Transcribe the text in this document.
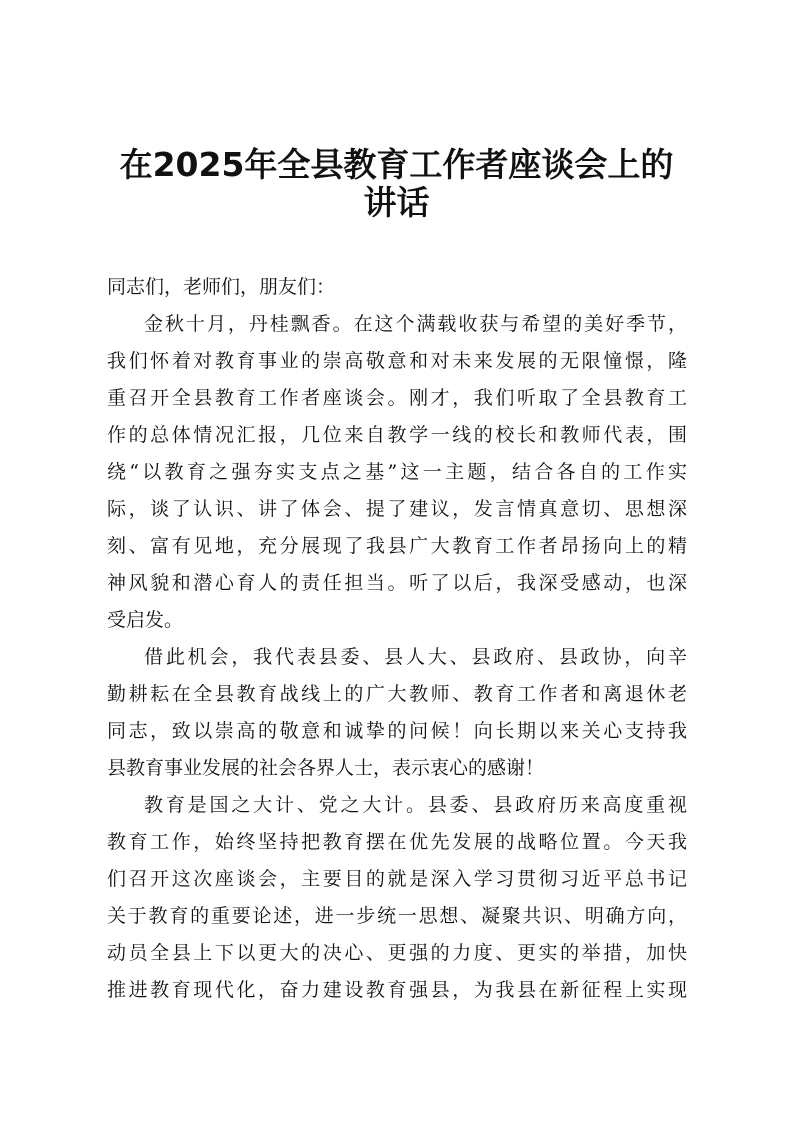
在2025年全县教育工作者座谈会上的
讲话
同志们，老师们，朋友们：
金秋十月，丹桂飘香。在这个满载收获与希望的美好季节，
我们怀着对教育事业的崇高敬意和对未来发展的无限憧憬，隆
重召开全县教育工作者座谈会。刚才，我们听取了全县教育工
作的总体情况汇报，几位来自教学一线的校长和教师代表，围
绕“以教育之强夯实支点之基”这一主题，结合各自的工作实
际，谈了认识、讲了体会、提了建议，发言情真意切、思想深
刻、富有见地，充分展现了我县广大教育工作者昂扬向上的精
神风貌和潜心育人的责任担当。听了以后，我深受感动，也深
受启发。
借此机会，我代表县委、县人大、县政府、县政协，向辛
勤耕耘在全县教育战线上的广大教师、教育工作者和离退休老
同志，致以崇高的敬意和诚挚的问候！向长期以来关心支持我
县教育事业发展的社会各界人士，表示衷心的感谢！
教育是国之大计、党之大计。县委、县政府历来高度重视
教育工作，始终坚持把教育摆在优先发展的战略位置。今天我
们召开这次座谈会，主要目的就是深入学习贯彻习近平总书记
关于教育的重要论述，进一步统一思想、凝聚共识、明确方向，
动员全县上下以更大的决心、更强的力度、更实的举措，加快
推进教育现代化，奋力建设教育强县，为我县在新征程上实现
